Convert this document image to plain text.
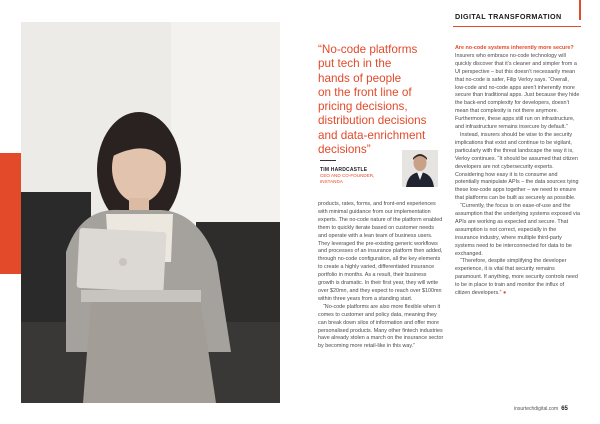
DIGITAL TRANSFORMATION
“No-code platforms
put tech in the
hands of people
on the front line of
pricing decisions,
distribution decisions
and data-enrichment
decisions”
TIM HARDCASTLE
CEO AND CO-FOUNDER, INSTANDA

products, rates, forms, and front-end experiences with minimal guidance from our implementation experts. The no-code nature of the platform enabled them to quickly iterate based on customer needs and operate with a lean team of business users. They leveraged the pre-existing generic workflows and processes of an insurance platform then added, through no-code configuration, all the key elements to create a highly varied, differentiated insurance portfolio in months. As a result, their business growth is dramatic. In their first year, they will write over $20mn, and they expect to reach over $100mn within three years from a standing start.

“No-code platforms are also more flexible when it comes to customer and policy data, meaning they can break down silos of information and offer more personalised products. Many other fintech industries have already stolen a march on the insurance sector by becoming more retail-like in this way.”

Are no-code systems inherently more secure?

Insurers who embrace no-code technology will quickly discover that it’s cleaner and simpler from a UI perspective – but this doesn’t necessarily mean that no-code is safer, Filip Verloy says. “Overall, low-code and no-code apps aren’t inherently more secure than traditional apps. Just because they hide the back-end complexity for developers, doesn’t mean that complexity is not there anymore. Furthermore, these apps still run on infrastructure, and infrastructure remains insecure by default.”

Instead, insurers should be wise to the security implications that exist and continue to be vigilant, particularly with the threat landscape the way it is, Verloy continues. “It should be assumed that citizen developers are not cybersecurity experts. Considering how easy it is to consume and potentially manipulate APIs – the data sources tying these low-code apps together – we need to ensure that platforms can be built as securely as possible.

“Currently, the focus is on ease-of-use and the assumption that the underlying systems exposed via APIs are working as expected and secure. That assumption is not correct, especially in the insurance industry, where multiple third-party systems need to be interconnected for data to be exchanged.

“Therefore, despite simplifying the developer experience, it is vital that security remains paramount. If anything, more security controls need to be in place to train and monitor the influx of citizen developers.” ●

insurtechdigital.com 65
